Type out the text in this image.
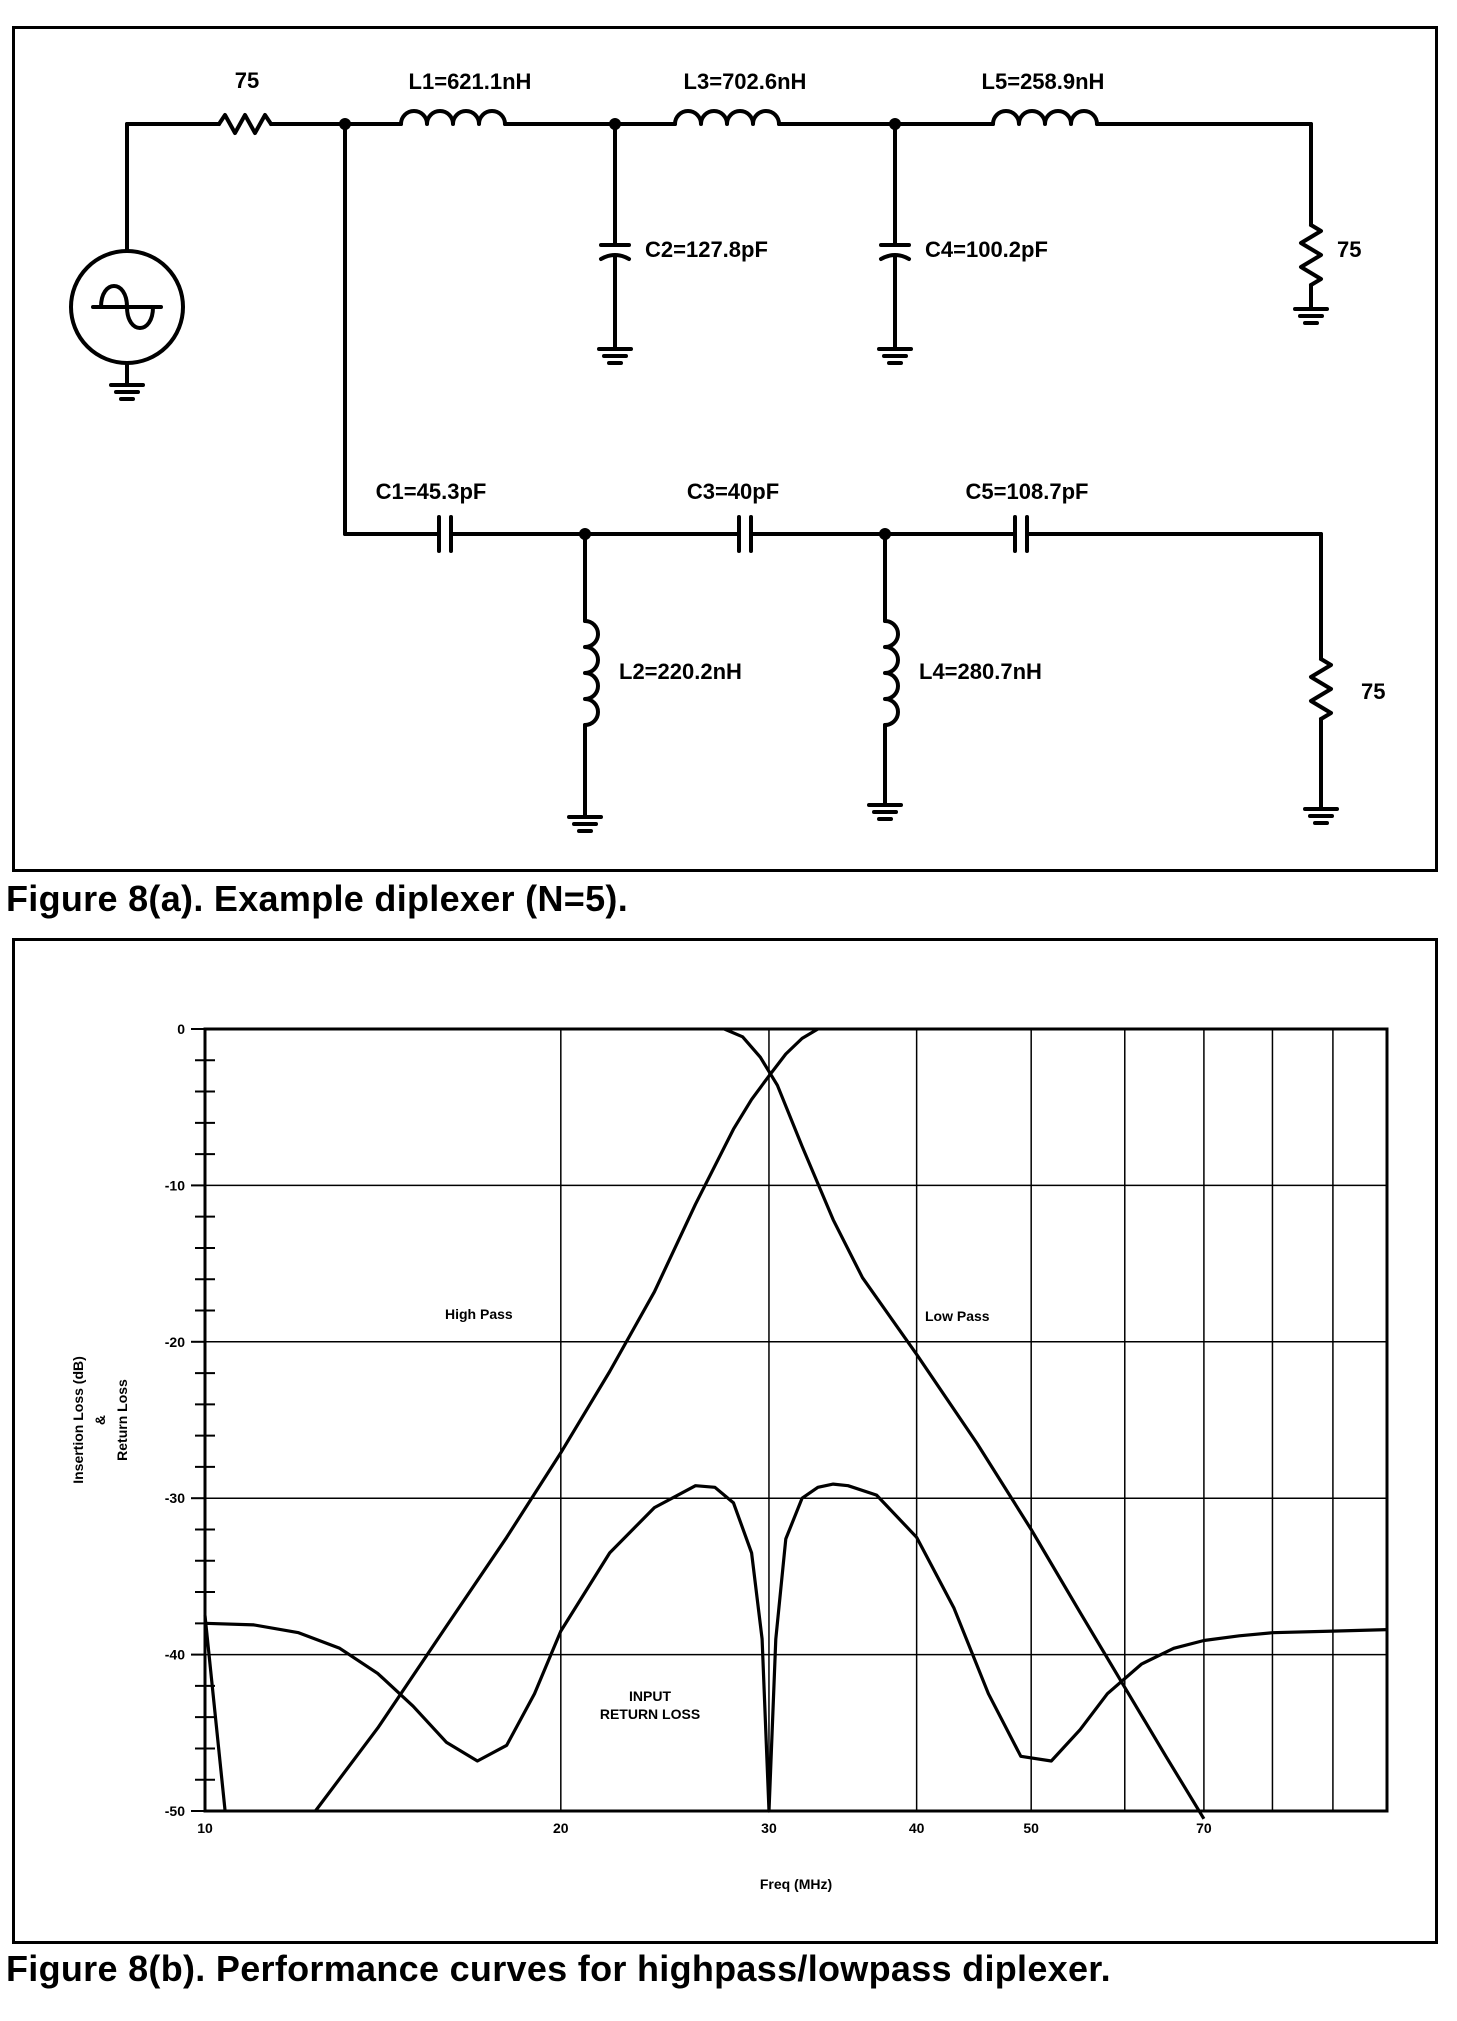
75	L1=621.1nH	L3=702.6nH	L5=258.9nH
C2=127.8pF	C4=100.2pF	75
C1=45.3pF	C3=40pF	C5=108.7pF
L2=220.2nH	L4=280.7nH
75
Figure 8(a). Example diplexer (N=5).
0
-10
-20
-30
-40
-50
10	20	30	40	50	70
High Pass	Low Pass
INPUT
RETURN LOSS
Freq (MHz)
Insertion Loss (dB) & Return Loss
Figure 8(b). Performance curves for highpass/lowpass diplexer.
